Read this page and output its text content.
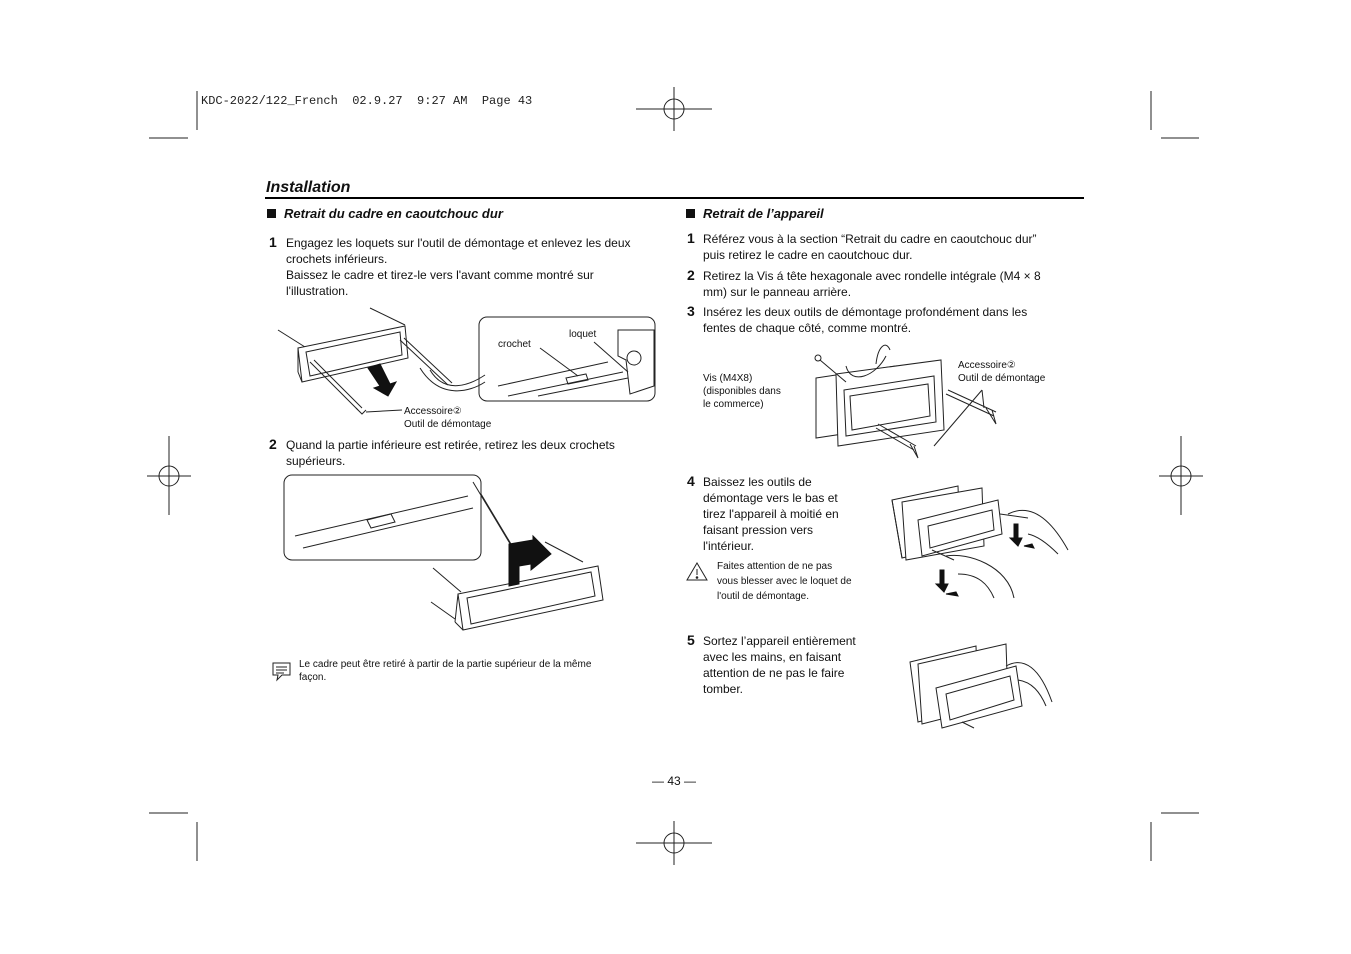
KDC-2022/122_French  02.9.27  9:27 AM  Page 43
Installation
Retrait du cadre en caoutchouc dur
1 Engagez les loquets sur l'outil de démontage et enlevez les deux
crochets inférieurs.
Baissez le cadre et tirez-le vers l'avant comme montré sur
l'illustration.
crochet
loquet
Accessoire②
Outil de démontage
2 Quand la partie inférieure est retirée, retirez les deux crochets
supérieurs.
Le cadre peut être retiré à partir de la partie supérieur de la même
façon.
Retrait de l’appareil
1 Référez vous à la section “Retrait du cadre en caoutchouc dur”
puis retirez le cadre en caoutchouc dur.
2 Retirez la Vis á tête hexagonale avec rondelle intégrale (M4 × 8
mm) sur le panneau arrière.
3 Insérez les deux outils de démontage profondément dans les
fentes de chaque côté, comme montré.
Vis (M4X8)
(disponibles dans
le commerce)
Accessoire②
Outil de démontage
4 Baissez les outils de
démontage vers le bas et
tirez l'appareil à moitié en
faisant pression vers
l'intérieur.
Faites attention de ne pas
vous blesser avec le loquet de
l'outil de démontage.
5 Sortez l’appareil entièrement
avec les mains, en faisant
attention de ne pas le faire
tomber.
— 43 —
